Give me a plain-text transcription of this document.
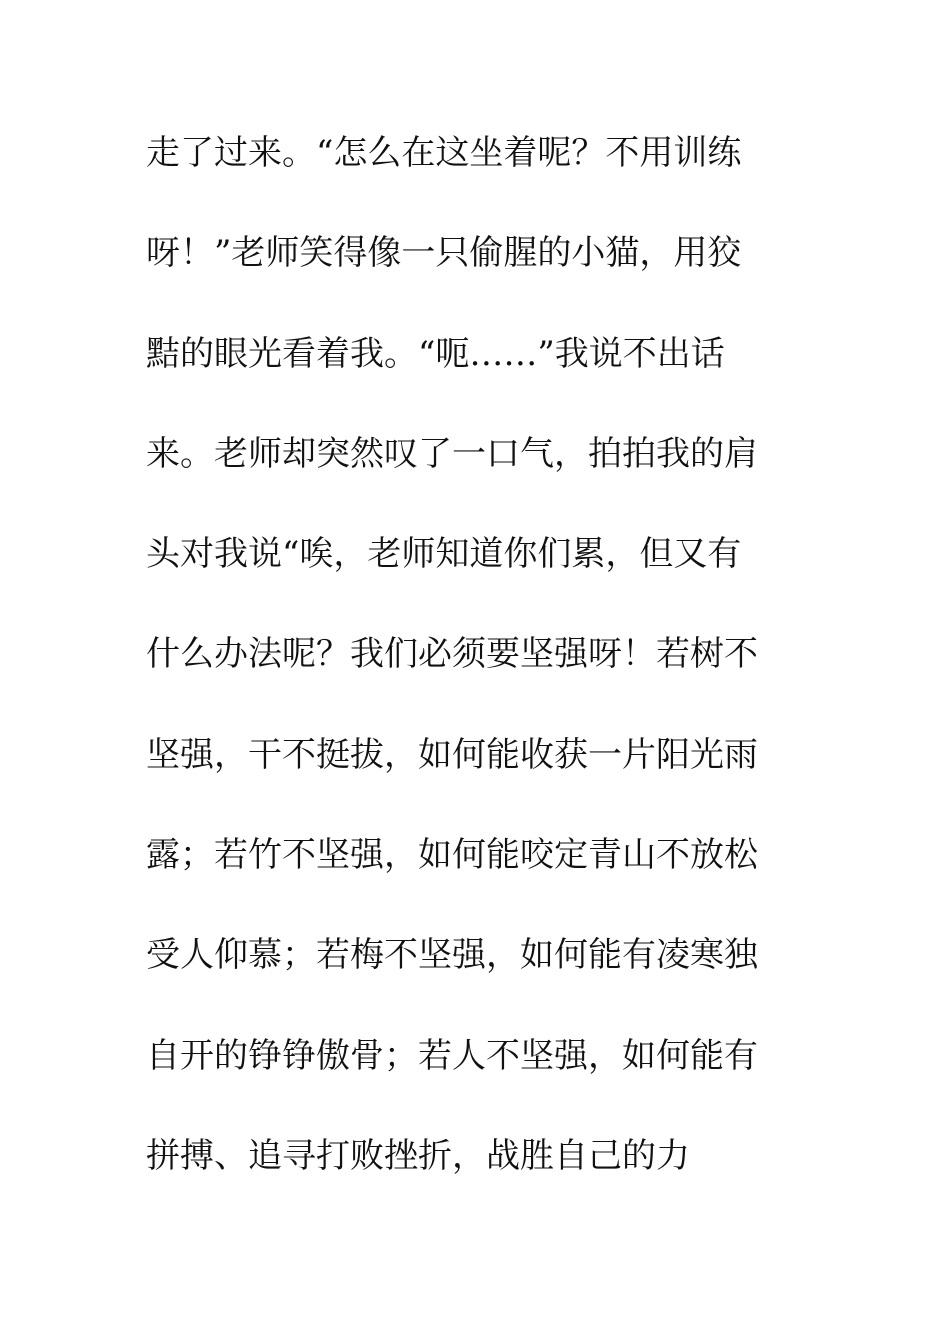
走了过来。“怎么在这坐着呢？不用训练
呀！”老师笑得像一只偷腥的小猫，用狡
黠的眼光看着我。“呃……”我说不出话
来。老师却突然叹了一口气，拍拍我的肩
头对我说“唉，老师知道你们累，但又有
什么办法呢？我们必须要坚强呀！若树不
坚强，干不挺拔，如何能收获一片阳光雨
露；若竹不坚强，如何能咬定青山不放松
受人仰慕；若梅不坚强，如何能有凌寒独
自开的铮铮傲骨；若人不坚强，如何能有
拼搏、追寻打败挫折，战胜自己的力
